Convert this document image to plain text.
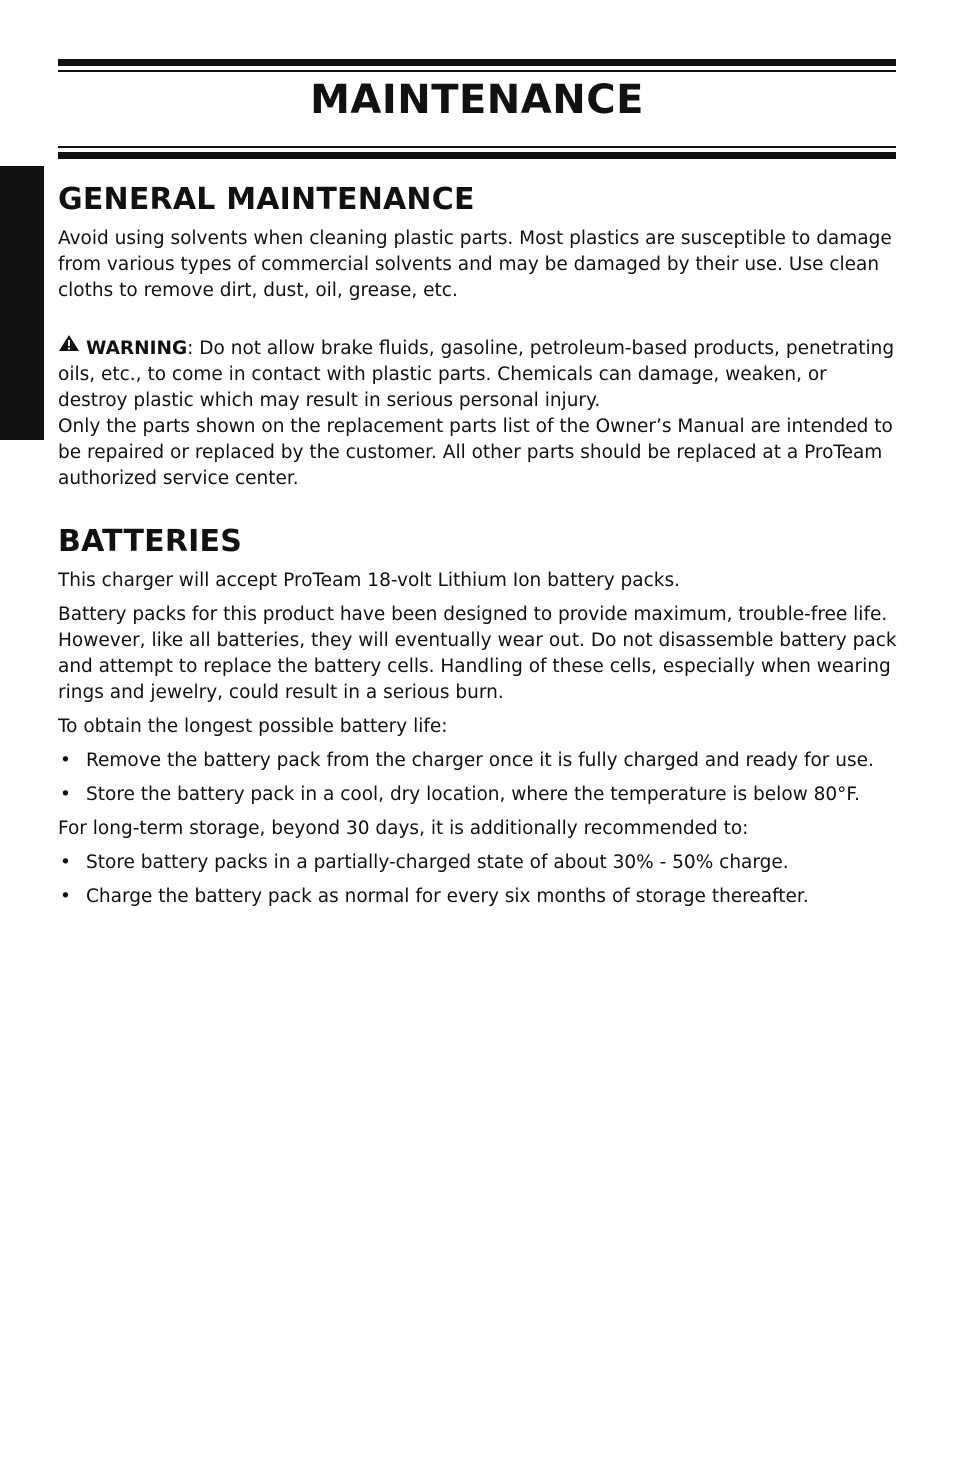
MAINTENANCE
GENERAL MAINTENANCE

Avoid using solvents when cleaning plastic parts. Most plastics are susceptible to damage from various types of commercial solvents and may be damaged by their use. Use clean cloths to remove dirt, dust, oil, grease, etc.

WARNING: Do not allow brake fluids, gasoline, petroleum-based products, penetrating oils, etc., to come in contact with plastic parts. Chemicals can damage, weaken, or destroy plastic which may result in serious personal injury.

Only the parts shown on the replacement parts list of the Owner’s Manual are intended to be repaired or replaced by the customer. All other parts should be replaced at a ProTeam authorized service center.

BATTERIES

This charger will accept ProTeam 18-volt Lithium Ion battery packs.

Battery packs for this product have been designed to provide maximum, trouble-free life. However, like all batteries, they will eventually wear out. Do not disassemble battery pack and attempt to replace the battery cells. Handling of these cells, especially when wearing rings and jewelry, could result in a serious burn.

To obtain the longest possible battery life:

• Remove the battery pack from the charger once it is fully charged and ready for use.
• Store the battery pack in a cool, dry location, where the temperature is below 80°F.

For long-term storage, beyond 30 days, it is additionally recommended to:

• Store battery packs in a partially-charged state of about 30% - 50% charge.
• Charge the battery pack as normal for every six months of storage thereafter.
